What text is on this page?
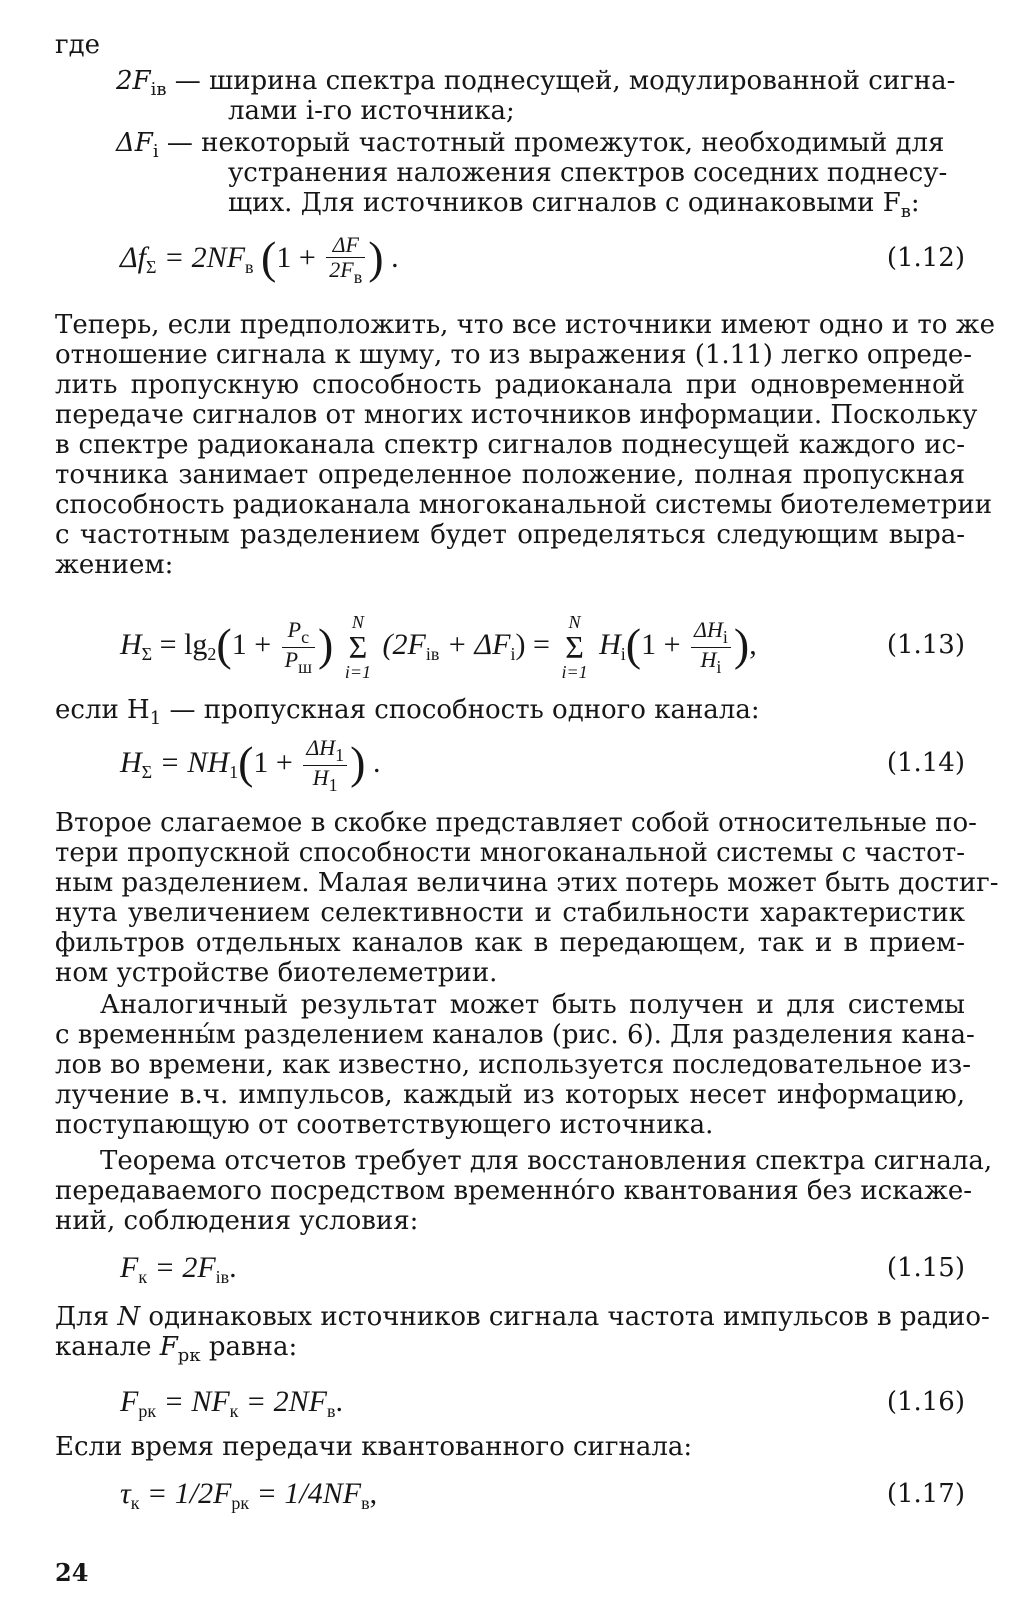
где
$2F_{iв}$ — ширина спектра поднесущей, модулированной сигна-
лами i-го источника;
$\Delta F_i$ — некоторый частотный промежуток, необходимый для
устранения наложения спектров соседних поднесу-
щих. Для источников сигналов с одинаковыми $F_в$:
$\Delta f_\Sigma = 2NF_в$ ($1 + \frac{\Delta F}{2F_в}$ ) .	(1.12)
Теперь, если предположить, что все источники имеют одно и то же
отношение сигнала к шуму, то из выражения (1.11) легко опреде-
лить пропускную способность радиоканала при одновременной
передаче сигналов от многих источников информации. Поскольку
в спектре радиоканала спектр сигналов поднесущей каждого ис-
точника занимает определенное положение, полная пропускная
способность радиоканала многоканальной системы биотелеметрии
с частотным разделением будет определяться следующим выра-
жением:
$H_\Sigma = \lg_2(1 + \frac{P_с}{P_ш}$ )	N
Σ
i=1
$(2F_{iв} + \Delta F_i)$ =
N
Σ
i=1
$H_i(1 + \frac{\Delta H_i}{H_i}$ ),	(1.13)
если $H_1$ — пропускная способность одного канала:
$H_\Sigma = NH_1(1 + \frac{\Delta H_1}{H_1}$ ) .	(1.14)
Второе слагаемое в скобке представляет собой относительные по-
тери пропускной способности многоканальной системы с частот-
ным разделением. Малая величина этих потерь может быть достиг-
нута увеличением селективности и стабильности характеристик
фильтров отдельных каналов как в передающем, так и в прием-
ном устройстве биотелеметрии.
Аналогичный результат может быть получен и для системы
с временны́м разделением каналов (рис. 6). Для разделения кана-
лов во времени, как известно, используется последовательное из-
лучение в.ч. импульсов, каждый из которых несет информацию,
поступающую от соответствующего источника.
Теорема отсчетов требует для восстановления спектра сигнала,
передаваемого посредством временно́го квантования без искаже-
ний, соблюдения условия:
$F_к = 2F_{iв}$.	(1.15)
Для N одинаковых источников сигнала частота импульсов в радио-
канале $F_{рк}$ равна:
$F_{рк} = NF_к = 2NF_в$.	(1.16)
Если время передачи квантованного сигнала:
$\tau_к = 1/2F_{рк} = 1/4NF_в$,	(1.17)
24
